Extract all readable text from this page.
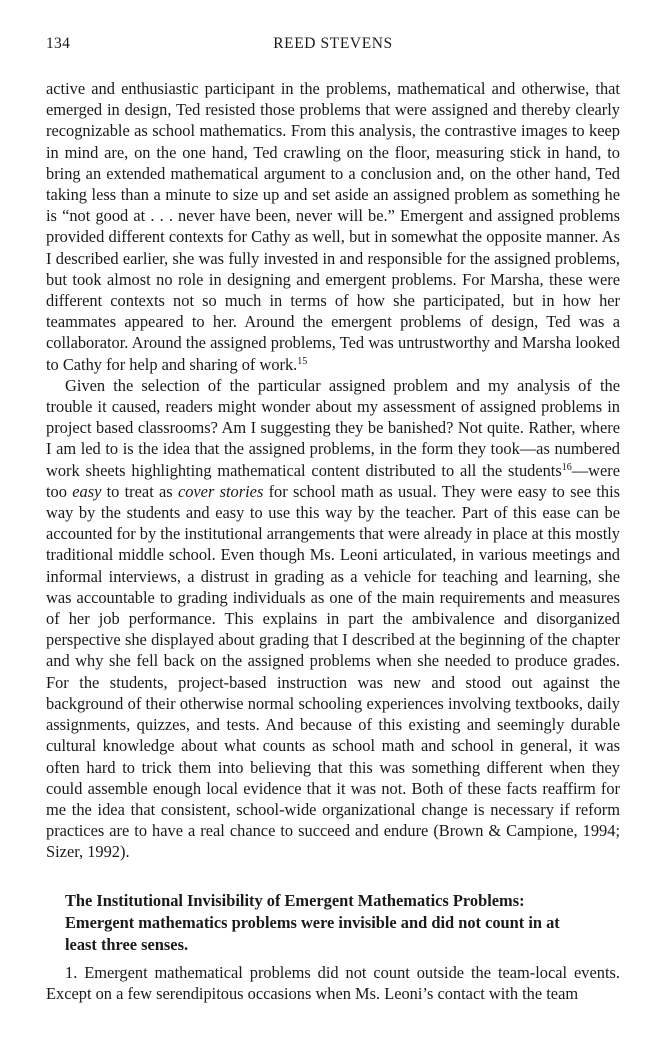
134	REED STEVENS

active and enthusiastic participant in the problems, mathematical and otherwise, that emerged in design, Ted resisted those problems that were assigned and thereby clearly recognizable as school mathematics. From this analysis, the contrastive images to keep in mind are, on the one hand, Ted crawling on the floor, measuring stick in hand, to bring an extended mathematical argument to a conclusion and, on the other hand, Ted taking less than a minute to size up and set aside an assigned problem as something he is “not good at . . . never have been, never will be.” Emergent and assigned problems provided different contexts for Cathy as well, but in somewhat the opposite manner. As I described earlier, she was fully invested in and responsible for the assigned problems, but took almost no role in designing and emergent problems. For Marsha, these were different contexts not so much in terms of how she participated, but in how her teammates appeared to her. Around the emergent problems of design, Ted was a collaborator. Around the assigned problems, Ted was untrustworthy and Marsha looked to Cathy for help and sharing of work.$^{15}$

Given the selection of the particular assigned problem and my analysis of the trouble it caused, readers might wonder about my assessment of assigned problems in project based classrooms? Am I suggesting they be banished? Not quite. Rather, where I am led to is the idea that the assigned problems, in the form they took—as numbered work sheets highlighting mathematical content distributed to all the students$^{16}$—were too easy to treat as cover stories for school math as usual. They were easy to see this way by the students and easy to use this way by the teacher. Part of this ease can be accounted for by the institutional arrangements that were already in place at this mostly traditional middle school. Even though Ms. Leoni articulated, in various meetings and informal interviews, a distrust in grading as a vehicle for teaching and learning, she was accountable to grading individuals as one of the main requirements and measures of her job performance. This explains in part the ambivalence and disorganized perspective she displayed about grading that I described at the beginning of the chapter and why she fell back on the assigned problems when she needed to produce grades. For the students, project-based instruction was new and stood out against the background of their otherwise normal schooling experiences involving textbooks, daily assignments, quizzes, and tests. And because of this existing and seemingly durable cultural knowledge about what counts as school math and school in general, it was often hard to trick them into believing that this was something different when they could assemble enough local evidence that it was not. Both of these facts reaffirm for me the idea that consistent, school-wide organizational change is necessary if reform practices are to have a real chance to succeed and endure (Brown & Campione, 1994; Sizer, 1992).

The Institutional Invisibility of Emergent Mathematics Problems: Emergent mathematics problems were invisible and did not count in at least three senses.

1. Emergent mathematical problems did not count outside the team-local events. Except on a few serendipitous occasions when Ms. Leoni’s contact with the team
